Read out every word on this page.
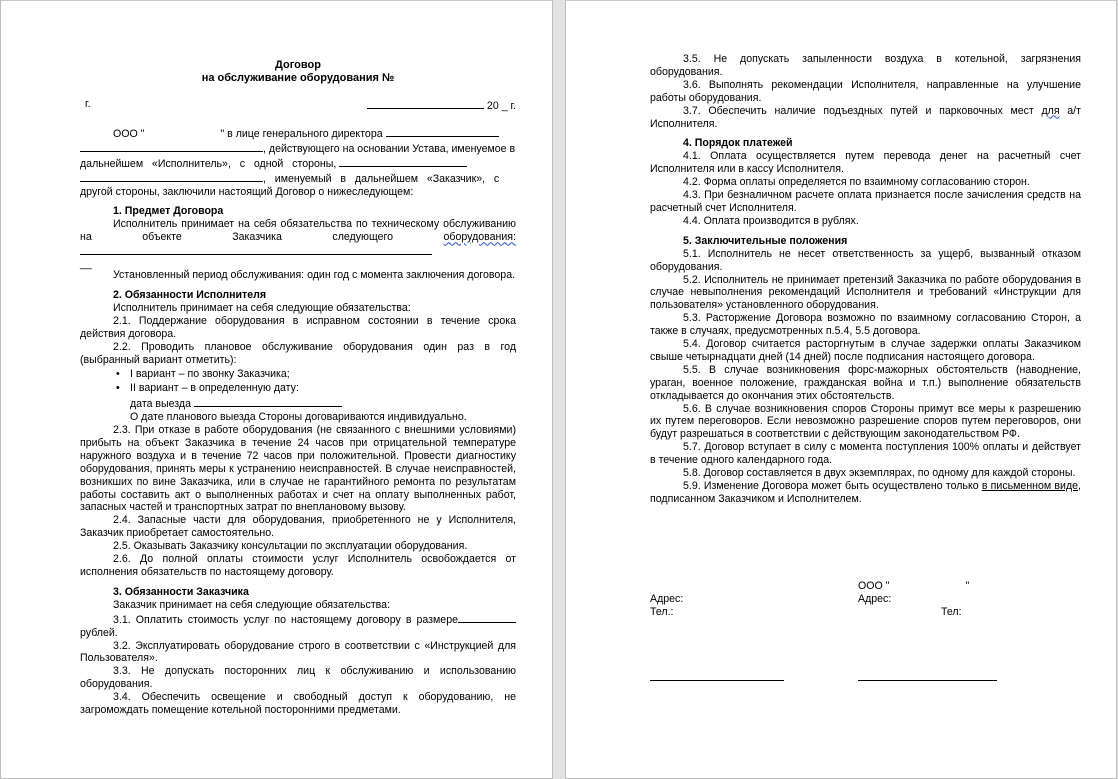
Договор
на обслуживание оборудования №
г.	20 _ г.

ООО "	" в лице генерального директора

, действующего на основании Устава, именуемое в

дальнейшем   «Исполнитель»,   с   одной   стороны,

,   именуемый   в   дальнейшем   «Заказчик»,   с

другой стороны, заключили настоящий Договор о нижеследующем:

1. Предмет Договора

Исполнитель принимает на себя обязательства по техническому обслуживанию на объекте Заказчика следующего	оборудования:

__

Установленный период обслуживания: один год с момента заключения договора.

2. Обязанности Исполнителя

Исполнитель принимает на себя следующие обязательства:

2.1. Поддержание оборудования в исправном состоянии в течение срока действия договора.

2.2. Проводить плановое обслуживание оборудования один раз в год (выбранный вариант отметить):

• I вариант – по звонку Заказчика;
• II вариант – в определенную дату:

дата выезда

О дате планового выезда Стороны договариваются индивидуально.

2.3. При отказе в работе оборудования (не связанного с внешними условиями) прибыть на объект Заказчика в течение 24 часов при отрицательной температуре наружного воздуха и в течение 72 часов при положительной. Провести диагностику оборудования, принять меры к устранению неисправностей. В случае неисправностей, возникших по вине Заказчика, или в случае не гарантийного ремонта по результатам работы составить акт о выполненных работах и счет на оплату выполненных работ, запасных частей и транспортных затрат по внеплановому вызову.

2.4. Запасные части для оборудования, приобретенного не у Исполнителя, Заказчик приобретает самостоятельно.

2.5. Оказывать Заказчику консультации по эксплуатации оборудования.

2.6. До полной оплаты стоимости услуг Исполнитель освобождается от исполнения обязательств по настоящему договору.

3. Обязанности Заказчика

Заказчик принимает на себя следующие обязательства:

3.1. Оплатить стоимость услуг по настоящему договору в размере рублей.

3.2. Эксплуатировать оборудование строго в соответствии с «Инструкцией для Пользователя».

3.3. Не допускать посторонних лиц к обслуживанию и использованию оборудования.

3.4. Обеспечить освещение и свободный доступ к оборудованию, не загромождать помещение котельной посторонними предметами.

3.5. Не допускать запыленности воздуха в котельной, загрязнения оборудования.

3.6. Выполнять рекомендации Исполнителя, направленные на улучшение работы оборудования.

3.7. Обеспечить наличие подъездных путей и парковочных мест для а/т Исполнителя.

4. Порядок платежей

4.1. Оплата осуществляется путем перевода денег на расчетный счет Исполнителя или в кассу Исполнителя.

4.2. Форма оплаты определяется по взаимному согласованию сторон.

4.3. При безналичном расчете оплата признается после зачисления средств на расчетный счет Исполнителя.

4.4. Оплата производится в рублях.

5. Заключительные положения

5.1. Исполнитель не несет ответственность за ущерб, вызванный отказом оборудования.

5.2. Исполнитель не принимает претензий Заказчика по работе оборудования в случае невыполнения рекомендаций Исполнителя и требований «Инструкции для пользователя» установленного оборудования.

5.3. Расторжение Договора возможно по взаимному согласованию Сторон, а также в случаях, предусмотренных п.5.4, 5.5 договора.

5.4. Договор считается расторгнутым в случае задержки оплаты Заказчиком свыше четырнадцати дней (14 дней) после подписания настоящего договора.

5.5. В случае возникновения форс-мажорных обстоятельств (наводнение, ураган, военное положение, гражданская война и т.п.) выполнение обязательств откладывается до окончания этих обстоятельств.

5.6. В случае возникновения споров Стороны примут все меры к разрешению их путем переговоров. Если невозможно разрешение споров путем переговоров, они будут разрешаться в соответствии с действующим законодательством РФ.

5.7. Договор вступает в силу с момента поступления 100% оплаты и действует в течение одного календарного года.

5.8. Договор составляется в двух экземплярах, по одному для каждой стороны.

5.9. Изменение Договора может быть осуществлено только в письменном виде, подписанном Заказчиком и Исполнителем.

Адрес:
Тел.:
ООО "	"
Адрес:
Тел:
